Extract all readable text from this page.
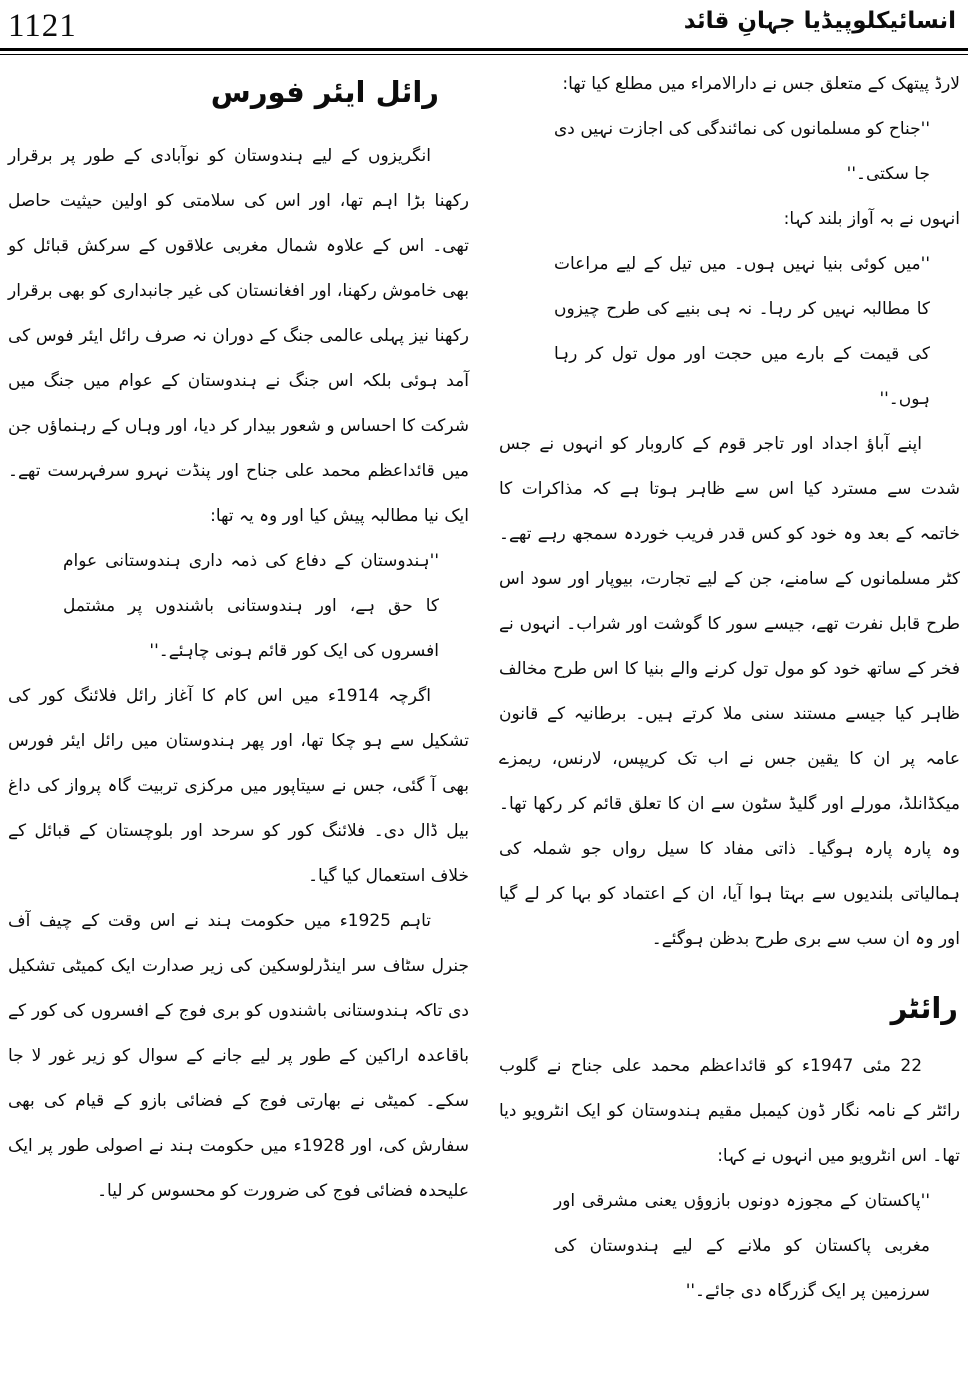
1121	انسائیکلوپیڈیا جہانِ قائد

لارڈ پیتھک کے متعلق جس نے دارالامراء میں مطلع کیا تھا:

''جناح کو مسلمانوں کی نمائندگی کی اجازت نہیں دی جا سکتی۔''

انہوں نے بہ آواز بلند کہا:

''میں کوئی بنیا نہیں ہوں۔ میں تیل کے لیے مراعات کا مطالبہ نہیں کر رہا۔ نہ ہی بنیے کی طرح چیزوں کی قیمت کے بارے میں حجت اور مول تول کر رہا ہوں۔''

اپنے آباؤ اجداد اور تاجر قوم کے کاروبار کو انہوں نے جس شدت سے مسترد کیا اس سے ظاہر ہوتا ہے کہ مذاکرات کا خاتمہ کے بعد وہ خود کو کس قدر فریب خوردہ سمجھ رہے تھے۔ کٹر مسلمانوں کے سامنے، جن کے لیے تجارت، بیوپار اور سود اس طرح قابل نفرت تھے، جیسے سور کا گوشت اور شراب۔ انہوں نے فخر کے ساتھ خود کو مول تول کرنے والے بنیا کا اس طرح مخالف ظاہر کیا جیسے مستند سنی ملا کرتے ہیں۔ برطانیہ کے قانون عامہ پر ان کا یقین جس نے اب تک کریپس، لارنس، ریمزے میکڈانلڈ، مورلے اور گلیڈ سٹون سے ان کا تعلق قائم کر رکھا تھا۔ وہ پارہ پارہ ہوگیا۔ ذاتی مفاد کا سیل رواں جو شملہ کی ہمالیاتی بلندیوں سے بہتا ہوا آیا، ان کے اعتماد کو بہا کر لے گیا اور وہ ان سب سے بری طرح بدظن ہوگئے۔

رائٹر

22 مئی 1947ء کو قائداعظم محمد علی جناح نے گلوب رائٹر کے نامہ نگار ڈون کیمبل مقیم ہندوستان کو ایک انٹرویو دیا تھا۔ اس انٹرویو میں انہوں نے کہا:

''پاکستان کے مجوزہ دونوں بازوؤں یعنی مشرقی اور مغربی پاکستان کو ملانے کے لیے ہندوستان کی سرزمین پر ایک گزرگاہ دی جائے۔''

رائل ایئر فورس

انگریزوں کے لیے ہندوستان کو نوآبادی کے طور پر برقرار رکھنا بڑا اہم تھا، اور اس کی سلامتی کو اولین حیثیت حاصل تھی۔ اس کے علاوہ شمال مغربی علاقوں کے سرکش قبائل کو بھی خاموش رکھنا، اور افغانستان کی غیر جانبداری کو بھی برقرار رکھنا نیز پہلی عالمی جنگ کے دوران نہ صرف رائل ایئر فوس کی آمد ہوئی بلکہ اس جنگ نے ہندوستان کے عوام میں جنگ میں شرکت کا احساس و شعور بیدار کر دیا، اور وہاں کے رہنماؤں جن میں قائداعظم محمد علی جناح اور پنڈت نہرو سرفہرست تھے۔ ایک نیا مطالبہ پیش کیا اور وہ یہ تھا:

''ہندوستان کے دفاع کی ذمہ داری ہندوستانی عوام کا حق ہے، اور ہندوستانی باشندوں پر مشتمل افسروں کی ایک کور قائم ہونی چاہئے۔''

اگرچہ 1914ء میں اس کام کا آغاز رائل فلائنگ کور کی تشکیل سے ہو چکا تھا، اور پھر ہندوستان میں رائل ایئر فورس بھی آ گئی، جس نے سیتاپور میں مرکزی تربیت گاہ پرواز کی داغ بیل ڈال دی۔ فلائنگ کور کو سرحد اور بلوچستان کے قبائل کے خلاف استعمال کیا گیا۔

تاہم 1925ء میں حکومت ہند نے اس وقت کے چیف آف جنرل سٹاف سر اینڈرلوسکین کی زیر صدارت ایک کمیٹی تشکیل دی تاکہ ہندوستانی باشندوں کو بری فوج کے افسروں کی کور کے باقاعدہ اراکین کے طور پر لیے جانے کے سوال کو زیر غور لا جا سکے۔ کمیٹی نے بھارتی فوج کے فضائی بازو کے قیام کی بھی سفارش کی، اور 1928ء میں حکومت ہند نے اصولی طور پر ایک علیحدہ فضائی فوج کی ضرورت کو محسوس کر لیا۔
